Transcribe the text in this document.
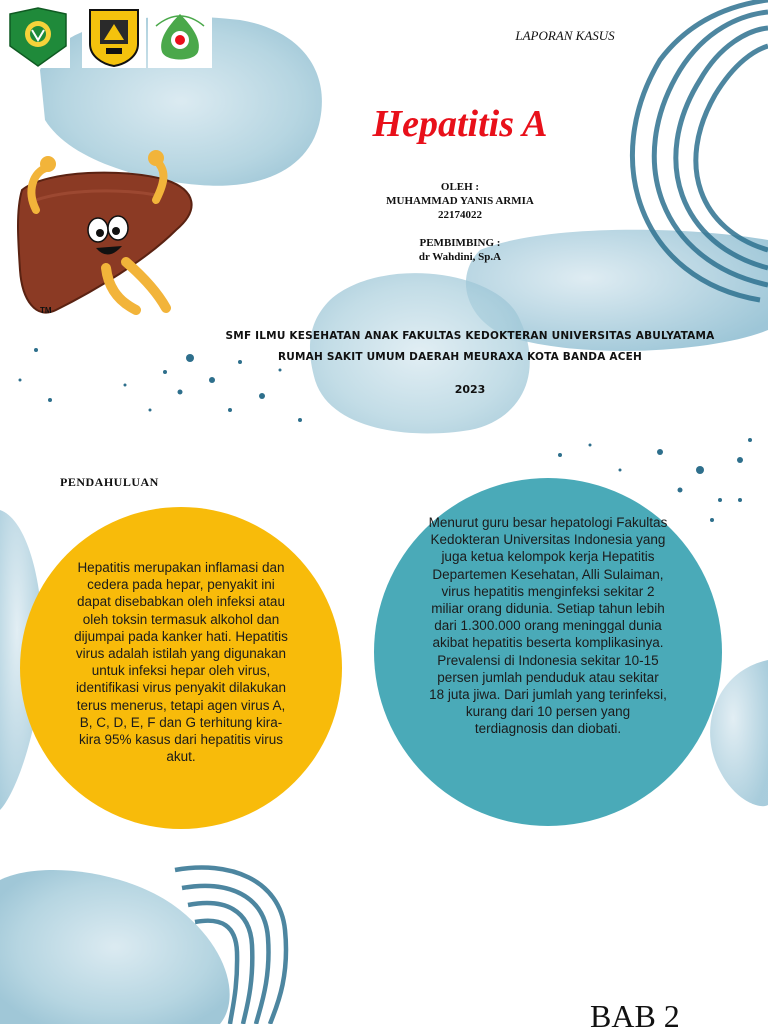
LAPORAN KASUS
TM
Hepatitis A
OLEH :
MUHAMMAD YANIS ARMIA
22174022
PEMBIMBING :
dr Wahdini, Sp.A
SMF ILMU KESEHATAN ANAK FAKULTAS KEDOKTERAN UNIVERSITAS ABULYATAMA
RUMAH SAKIT UMUM DAERAH MEURAXA KOTA BANDA ACEH
2023
PENDAHULUAN
Hepatitis merupakan inflamasi dan cedera pada hepar, penyakit ini dapat disebabkan oleh infeksi atau oleh toksin termasuk alkohol dan dijumpai pada kanker hati. Hepatitis virus adalah istilah yang digunakan untuk infeksi hepar oleh virus, identifikasi virus penyakit dilakukan terus menerus, tetapi agen virus A, B, C, D, E, F dan G terhitung kira-kira 95% kasus dari hepatitis virus akut.
Menurut guru besar hepatologi Fakultas Kedokteran Universitas Indonesia yang juga ketua kelompok kerja Hepatitis Departemen Kesehatan, Alli Sulaiman, virus hepatitis menginfeksi sekitar 2 miliar orang didunia. Setiap tahun lebih dari 1.300.000 orang meninggal dunia akibat hepatitis beserta komplikasinya. Prevalensi di Indonesia sekitar 10-15 persen jumlah penduduk atau sekitar 18 juta jiwa. Dari jumlah yang terinfeksi, kurang dari 10 persen yang terdiagnosis dan diobati.
BAB 2
